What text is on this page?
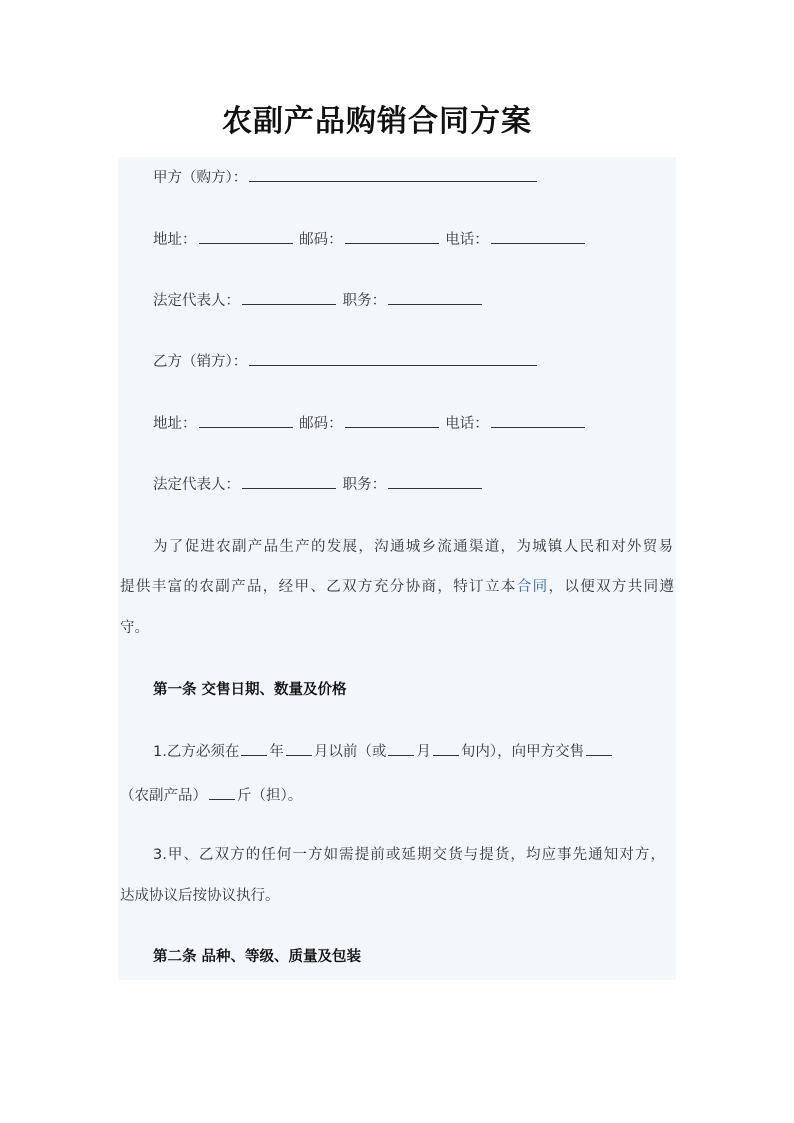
农副产品购销合同方案
甲方（购方）：
地址：	邮码：	电话：
法定代表人：	职务：
乙方（销方）：
地址：	邮码：	电话：
法定代表人：	职务：
为了促进农副产品生产的发展，沟通城乡流通渠道，为城镇人民和对外贸易
提供丰富的农副产品，经甲、乙双方充分协商，特订立本合同，以便双方共同遵
守。
第一条 交售日期、数量及价格
1.乙方必须在 年 月以前（或 月 旬内），向甲方交售
（农副产品） 斤（担）。
3.甲、乙双方的任何一方如需提前或延期交货与提货，均应事先通知对方，
达成协议后按协议执行。
第二条 品种、等级、质量及包装
